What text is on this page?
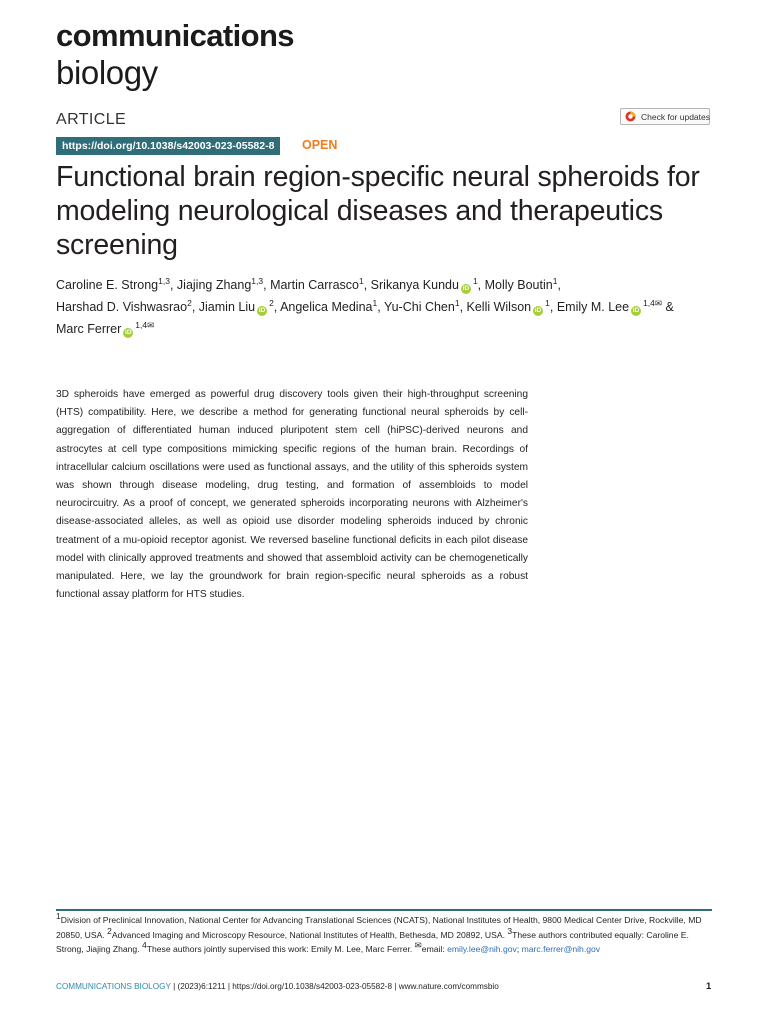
communications
biology
ARTICLE	Check for updates
https://doi.org/10.1038/s42003-023-05582-8	OPEN
Functional brain region-specific neural spheroids for modeling neurological diseases and therapeutics screening
Caroline E. Strong$^{1,3}$, Jiajing Zhang$^{1,3}$, Martin Carrasco$^1$, Srikanya Kundu $iD^1$, Molly Boutin$^1$,
Harshad D. Vishwasrao$^2$, Jiamin Liu $iD^2$, Angelica Medina$^1$, Yu-Chi Chen$^1$, Kelli Wilson $iD^1$, Emily M. Lee $iD^{1,4✉}$ &
Marc Ferrer $iD^{1,4✉}$
3D spheroids have emerged as powerful drug discovery tools given their high-throughput screening (HTS) compatibility. Here, we describe a method for generating functional neural spheroids by cell-aggregation of differentiated human induced pluripotent stem cell (hiPSC)-derived neurons and astrocytes at cell type compositions mimicking specific regions of the human brain. Recordings of intracellular calcium oscillations were used as functional assays, and the utility of this spheroids system was shown through disease modeling, drug testing, and formation of assembloids to model neurocircuitry. As a proof of concept, we generated spheroids incorporating neurons with Alzheimer's disease-associated alleles, as well as opioid use disorder modeling spheroids induced by chronic treatment of a mu-opioid receptor agonist. We reversed baseline functional deficits in each pilot disease model with clinically approved treatments and showed that assembloid activity can be chemogenetically manipulated. Here, we lay the groundwork for brain region-specific neural spheroids as a robust functional assay platform for HTS studies.
$^1$Division of Preclinical Innovation, National Center for Advancing Translational Sciences (NCATS), National Institutes of Health, 9800 Medical Center Drive, Rockville, MD 20850, USA. $^2$Advanced Imaging and Microscopy Resource, National Institutes of Health, Bethesda, MD 20892, USA. $^3$These authors contributed equally: Caroline E. Strong, Jiajing Zhang. $^4$These authors jointly supervised this work: Emily M. Lee, Marc Ferrer. ✉email: emily.lee@nih.gov; marc.ferrer@nih.gov
COMMUNICATIONS BIOLOGY | (2023)6:1211 | https://doi.org/10.1038/s42003-023-05582-8 | www.nature.com/commsbio	1
